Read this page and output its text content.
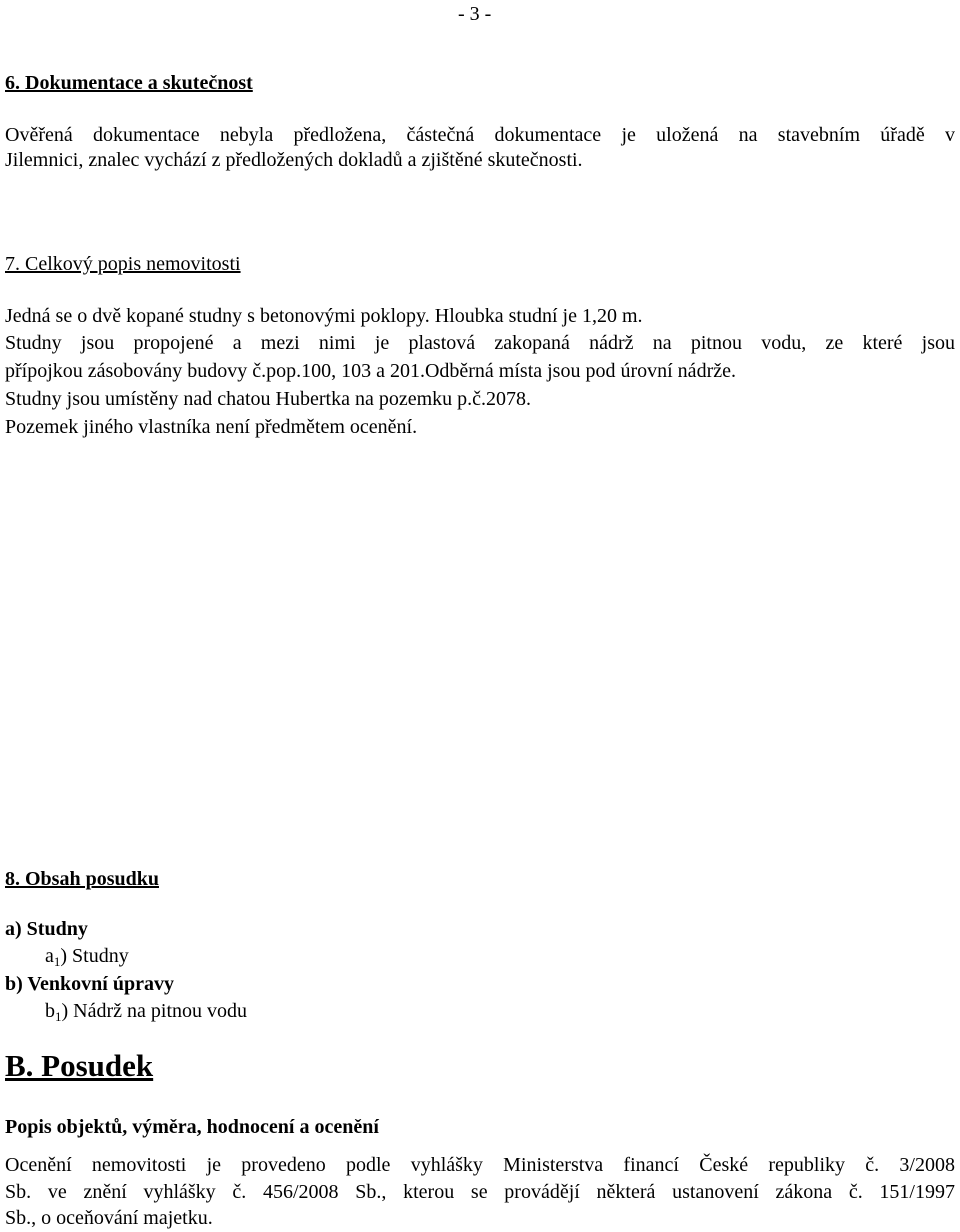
- 3 -
6. Dokumentace a skutečnost
Ověřená dokumentace nebyla předložena, částečná dokumentace je uložená na stavebním úřadě v
Jilemnici, znalec vychází z předložených dokladů a zjištěné skutečnosti.
7. Celkový popis nemovitosti
Jedná se o dvě kopané studny s betonovými poklopy. Hloubka studní je 1,20 m.
Studny jsou propojené a mezi nimi je plastová zakopaná nádrž na pitnou vodu, ze které jsou
přípojkou zásobovány budovy č.pop.100, 103 a 201.Odběrná místa jsou pod úrovní nádrže.
Studny jsou umístěny nad chatou Hubertka na pozemku p.č.2078.
Pozemek jiného vlastníka není předmětem ocenění.
8. Obsah posudku
a) Studny
$a_1$) Studny
b) Venkovní úpravy
$b_1$) Nádrž na pitnou vodu
B. Posudek
Popis objektů, výměra, hodnocení a ocenění
Ocenění nemovitosti je provedeno podle vyhlášky Ministerstva financí České republiky č. 3/2008
Sb. ve znění vyhlášky č. 456/2008 Sb., kterou se provádějí některá ustanovení zákona č. 151/1997
Sb., o oceňování majetku.
